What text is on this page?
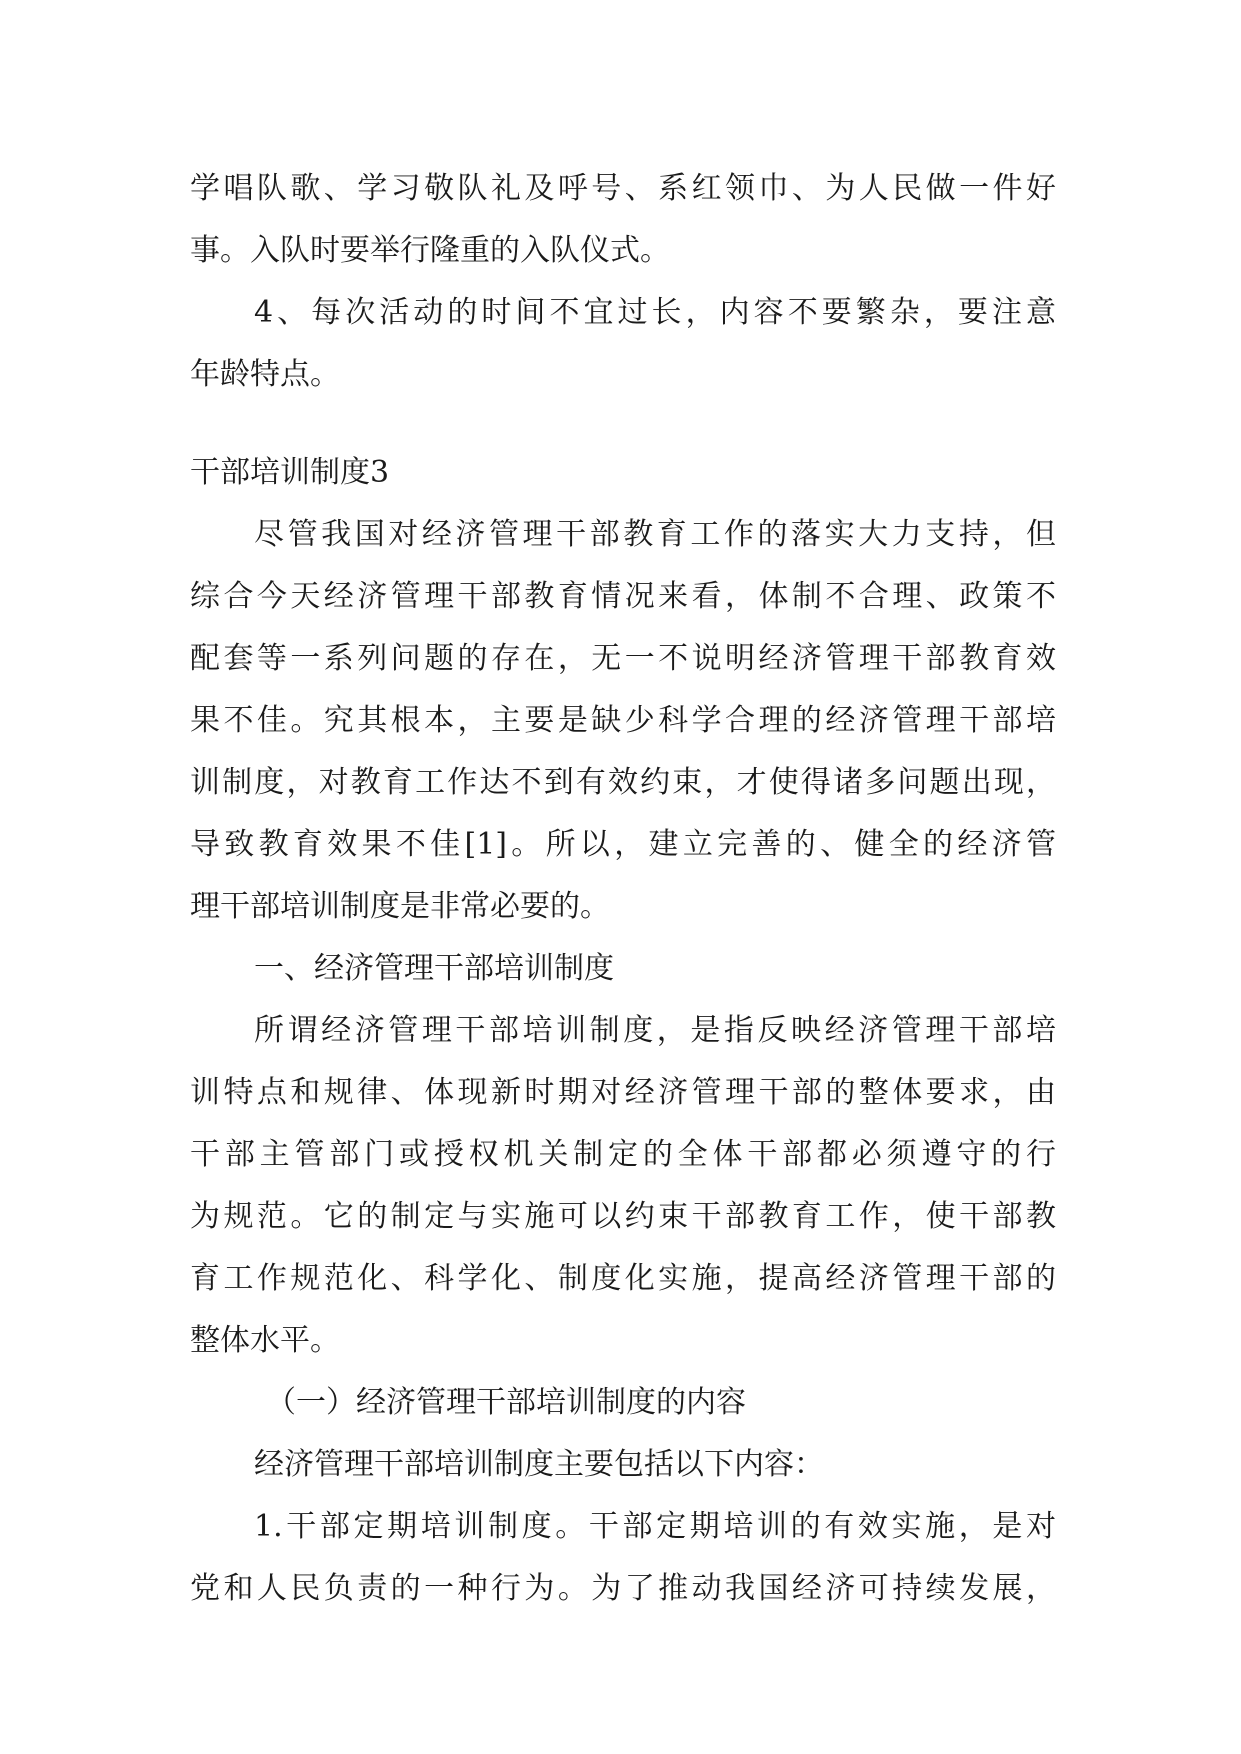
学唱队歌、学习敬队礼及呼号、系红领巾、为人民做一件好
事。入队时要举行隆重的入队仪式。
4、每次活动的时间不宜过长，内容不要繁杂，要注意
年龄特点。
干部培训制度3
尽管我国对经济管理干部教育工作的落实大力支持，但
综合今天经济管理干部教育情况来看，体制不合理、政策不
配套等一系列问题的存在，无一不说明经济管理干部教育效
果不佳。究其根本，主要是缺少科学合理的经济管理干部培
训制度，对教育工作达不到有效约束，才使得诸多问题出现，
导致教育效果不佳[1]。所以，建立完善的、健全的经济管
理干部培训制度是非常必要的。
一、经济管理干部培训制度
所谓经济管理干部培训制度，是指反映经济管理干部培
训特点和规律、体现新时期对经济管理干部的整体要求，由
干部主管部门或授权机关制定的全体干部都必须遵守的行
为规范。它的制定与实施可以约束干部教育工作，使干部教
育工作规范化、科学化、制度化实施，提高经济管理干部的
整体水平。
（一）经济管理干部培训制度的内容
经济管理干部培训制度主要包括以下内容：
1.干部定期培训制度。干部定期培训的有效实施，是对
党和人民负责的一种行为。为了推动我国经济可持续发展，
